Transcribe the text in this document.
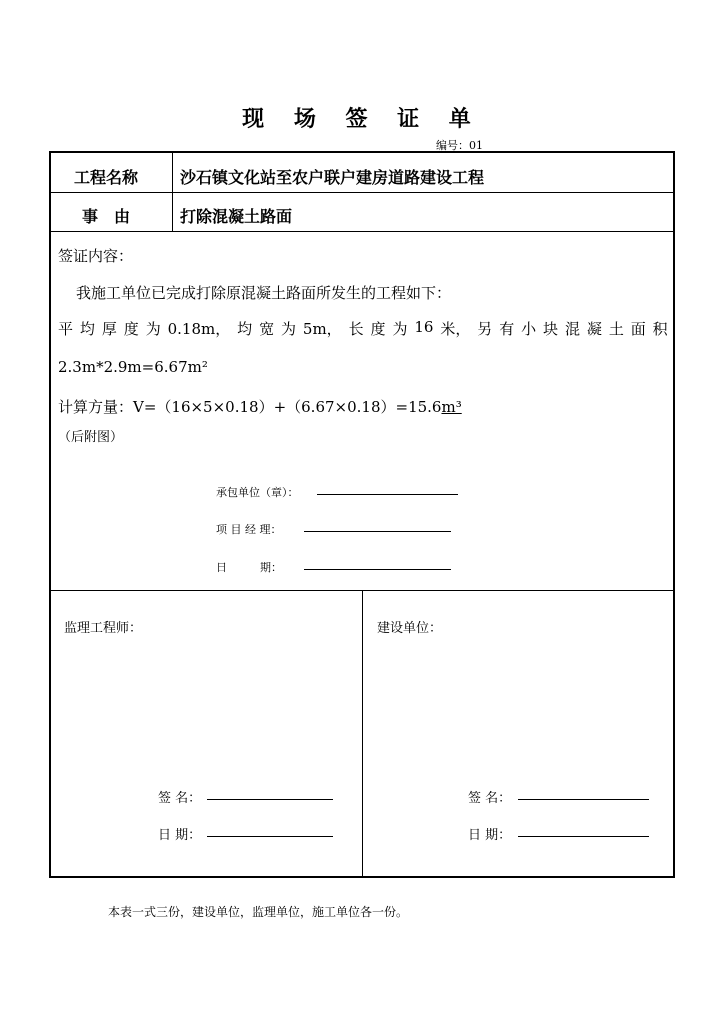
现 场 签 证 单
编号：01
工程名称	沙石镇文化站至农户联户建房道路建设工程
事　由	打除混凝土路面
签证内容：
我施工单位已完成打除原混凝土路面所发生的工程如下：
平 均 厚 度 为 0.18m， 均 宽 为 5m， 长 度 为 16 米， 另 有 小 块 混 凝 土 面 积
2.3m*2.9m=6.67m²
计算方量：V=（16×5×0.18）+（6.67×0.18）=15.6m³
（后附图）
承包单位（章）：
项 目 经 理：
日　　　期：
监理工程师：
签 名：
日 期：
建设单位：
签 名：
日 期：
本表一式三份，建设单位，监理单位，施工单位各一份。
